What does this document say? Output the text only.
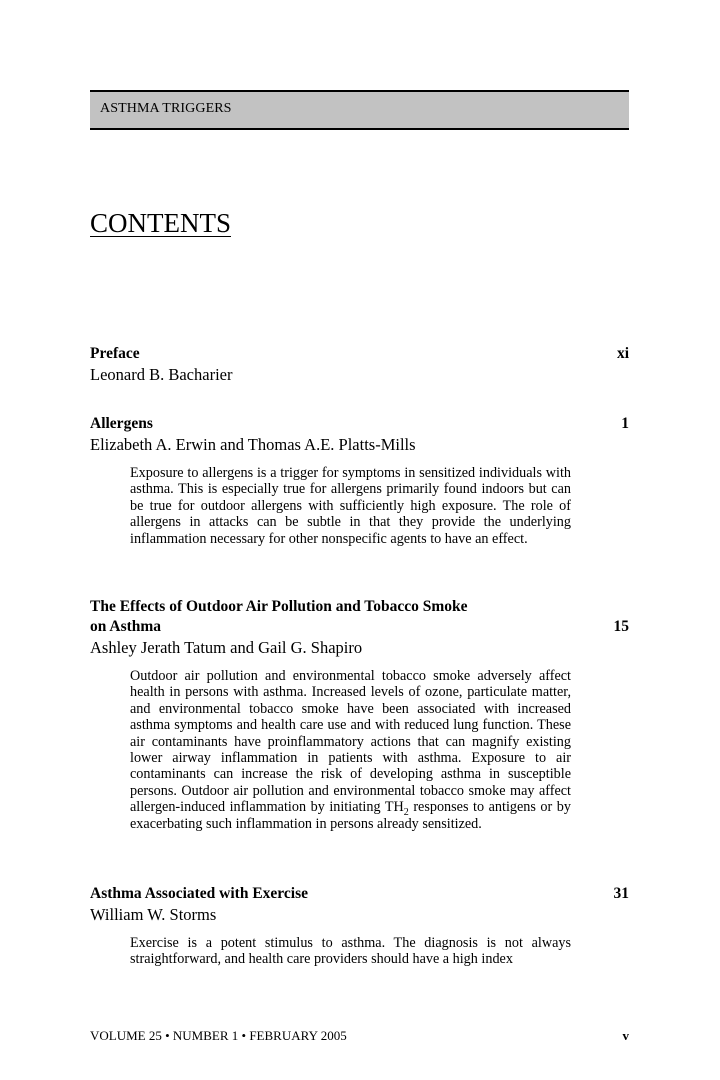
ASTHMA TRIGGERS
CONTENTS
Preface	xi
Leonard B. Bacharier
Allergens	1
Elizabeth A. Erwin and Thomas A.E. Platts-Mills
Exposure to allergens is a trigger for symptoms in sensitized individuals with asthma. This is especially true for allergens primarily found indoors but can be true for outdoor allergens with sufficiently high exposure. The role of allergens in attacks can be subtle in that they provide the underlying inflammation necessary for other nonspecific agents to have an effect.
The Effects of Outdoor Air Pollution and Tobacco Smoke
on Asthma	15
Ashley Jerath Tatum and Gail G. Shapiro
Outdoor air pollution and environmental tobacco smoke adversely affect health in persons with asthma. Increased levels of ozone, particulate matter, and environmental tobacco smoke have been associated with increased asthma symptoms and health care use and with reduced lung function. These air contaminants have proinflammatory actions that can magnify existing lower airway inflammation in patients with asthma. Exposure to air contaminants can increase the risk of developing asthma in susceptible persons. Outdoor air pollution and environmental tobacco smoke may affect allergen-induced inflammation by initiating $TH_2$ responses to antigens or by exacerbating such inflammation in persons already sensitized.
Asthma Associated with Exercise	31
William W. Storms
Exercise is a potent stimulus to asthma. The diagnosis is not always straightforward, and health care providers should have a high index
VOLUME 25 • NUMBER 1 • FEBRUARY 2005	v
